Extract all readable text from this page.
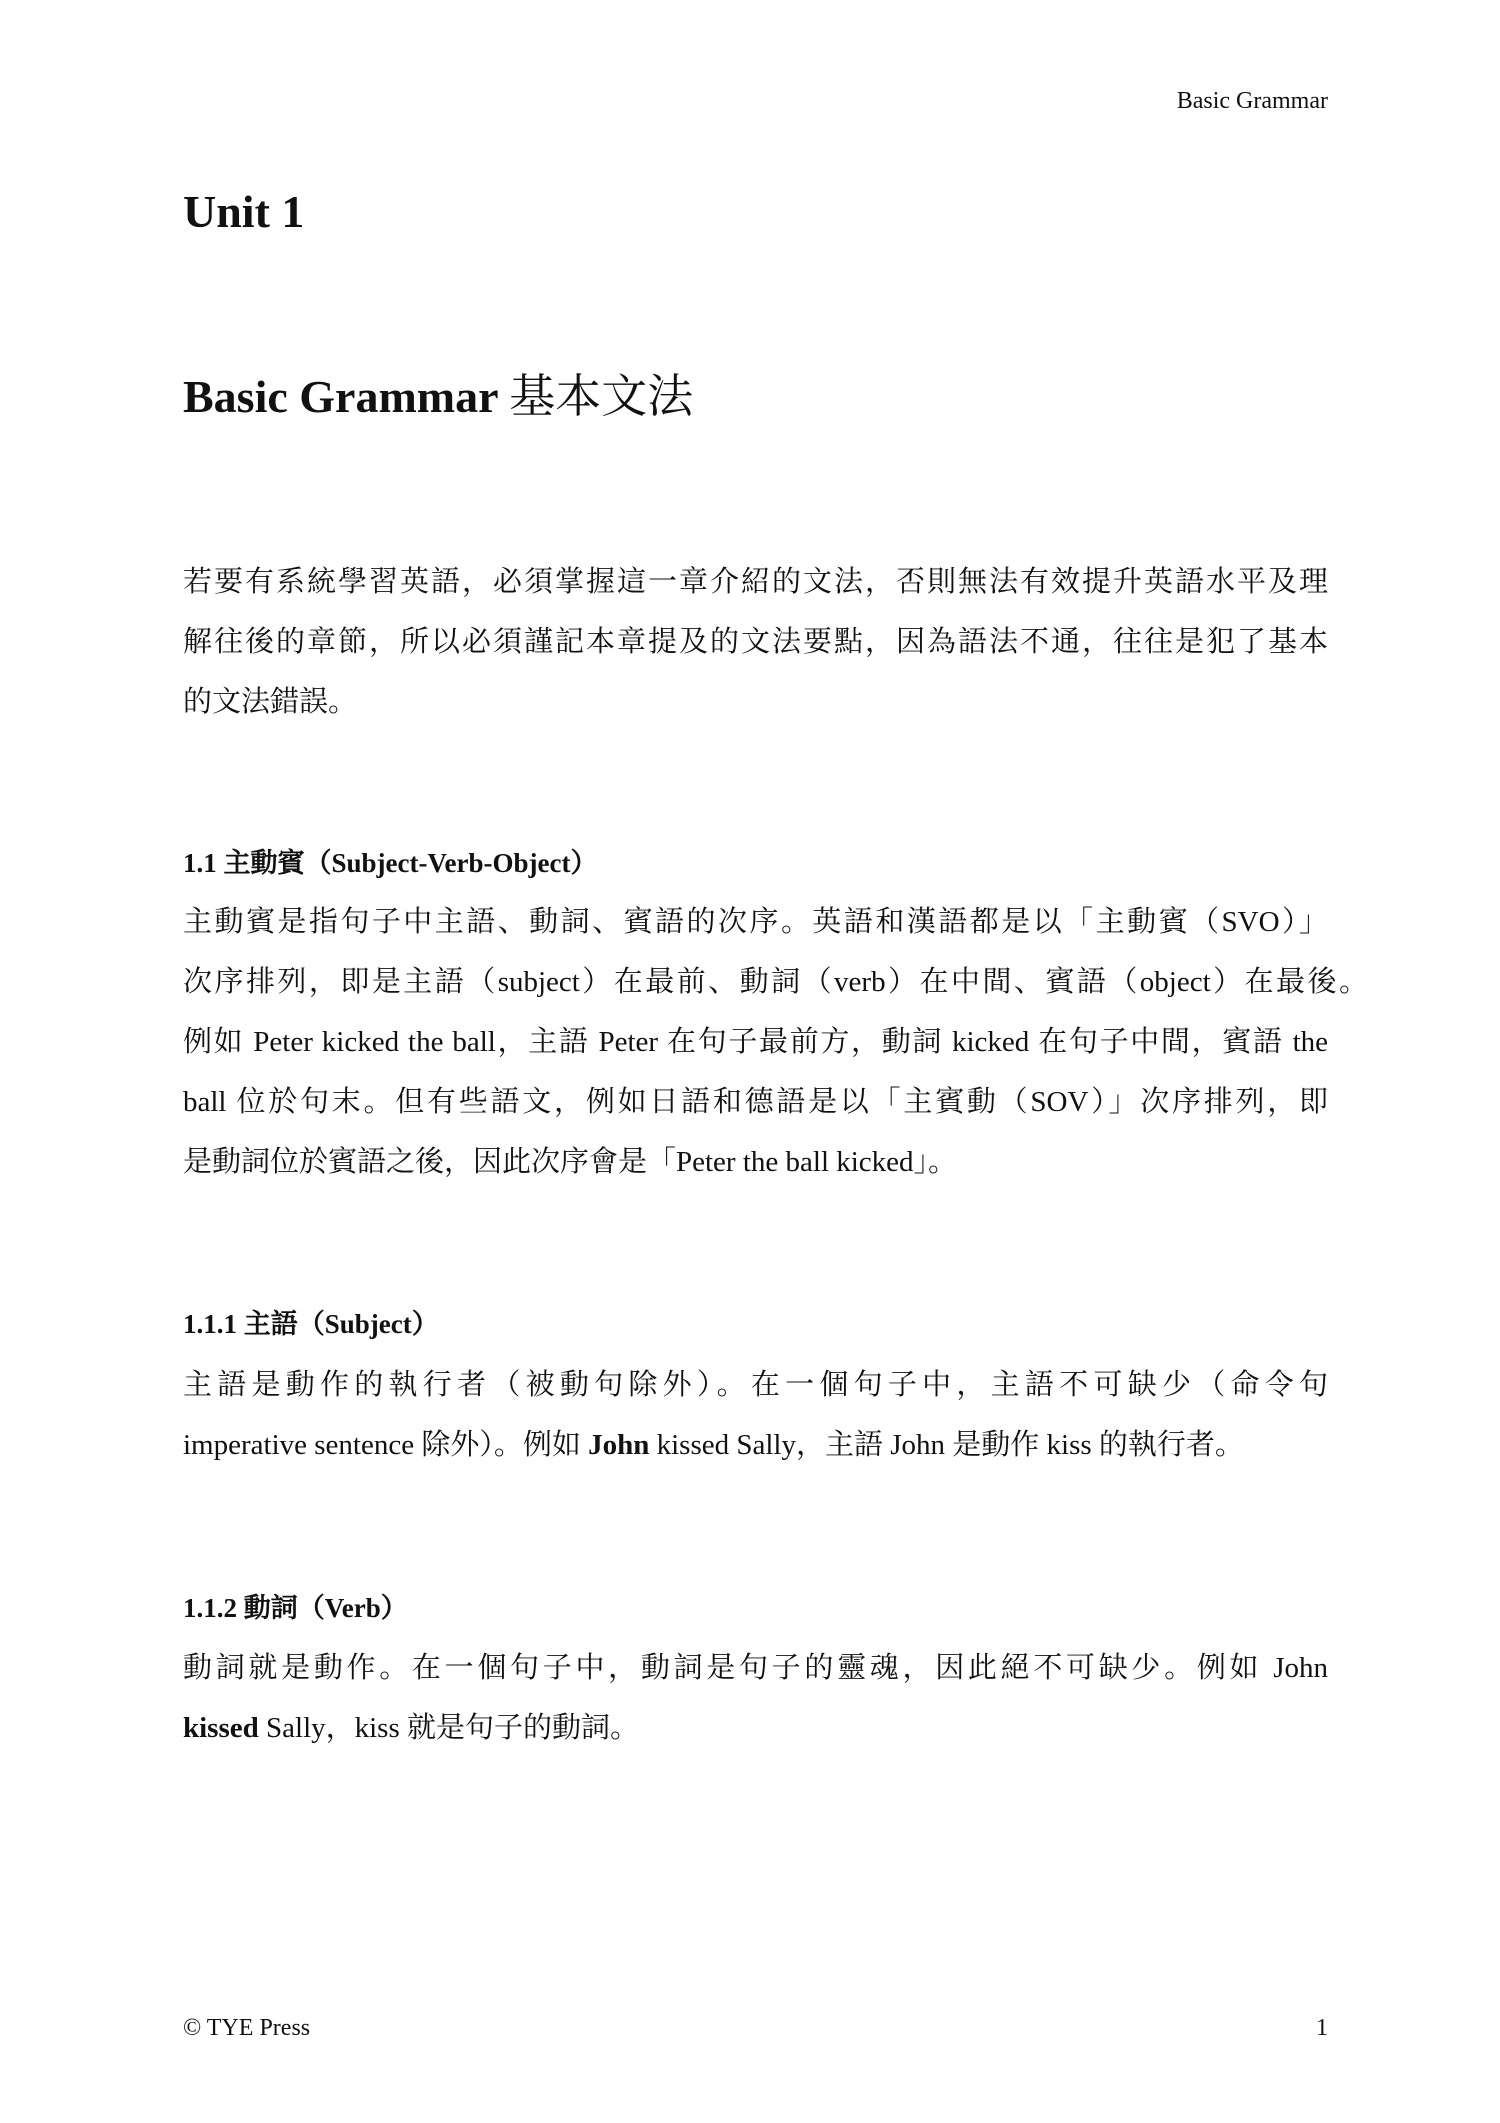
Basic Grammar
Unit 1
Basic Grammar 基本文法
若要有系統學習英語，必須掌握這一章介紹的文法，否則無法有效提升英語水平及理
解往後的章節，所以必須謹記本章提及的文法要點，因為語法不通，往往是犯了基本
的文法錯誤。
1.1 主動賓（Subject-Verb-Object）
主動賓是指句子中主語、動詞、賓語的次序。英語和漢語都是以「主動賓（SVO）」
次序排列，即是主語（subject）在最前、動詞（verb）在中間、賓語（object）在最後。
例如 Peter kicked the ball，主語 Peter 在句子最前方，動詞 kicked 在句子中間，賓語 the
ball 位於句末。但有些語文，例如日語和德語是以「主賓動（SOV）」次序排列，即
是動詞位於賓語之後，因此次序會是「Peter the ball kicked」。
1.1.1 主語（Subject）
主語是動作的執行者（被動句除外）。在一個句子中，主語不可缺少（命令句
imperative sentence 除外）。例如 John kissed Sally，主語 John 是動作 kiss 的執行者。
1.1.2 動詞（Verb）
動詞就是動作。在一個句子中，動詞是句子的靈魂，因此絕不可缺少。例如 John
kissed Sally，kiss 就是句子的動詞。
© TYE Press	1
